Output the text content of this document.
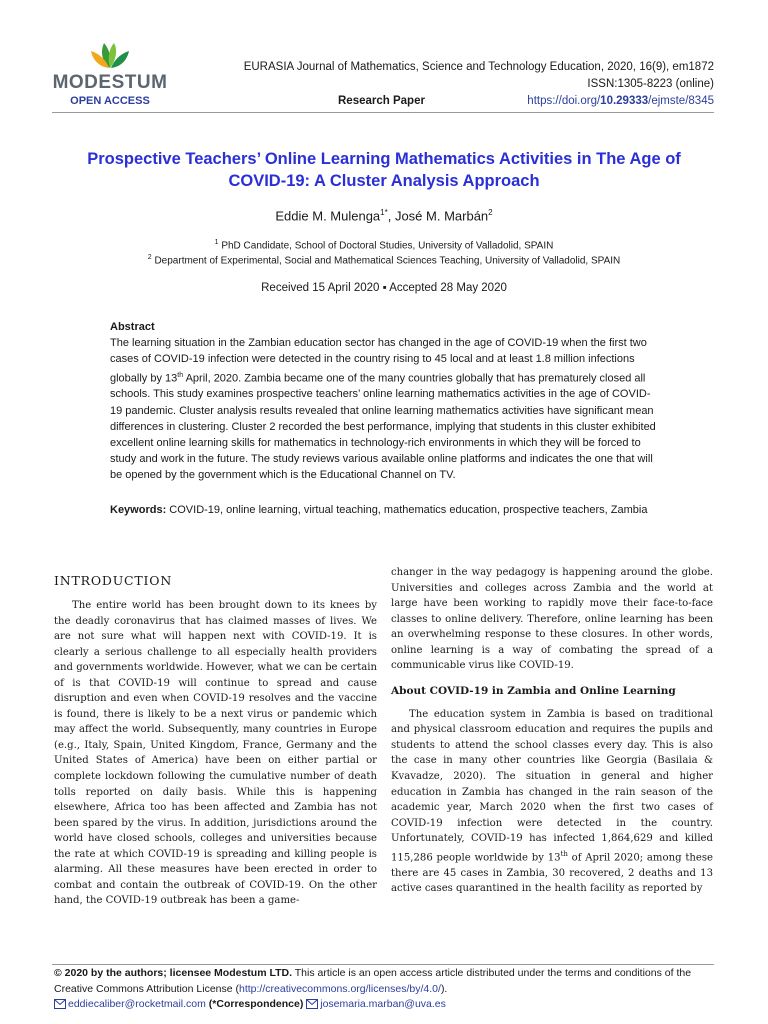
MODESTUM
OPEN ACCESS
EURASIA Journal of Mathematics, Science and Technology Education, 2020, 16(9), em1872
ISSN:1305-8223 (online)
Research Paper	https://doi.org/10.29333/ejmste/8345
Prospective Teachers’ Online Learning Mathematics Activities in The Age of
COVID-19: A Cluster Analysis Approach
Eddie M. Mulenga$^{1*}$, José M. Marbán$^2$
$^1$ PhD Candidate, School of Doctoral Studies, University of Valladolid, SPAIN
$^2$ Department of Experimental, Social and Mathematical Sciences Teaching, University of Valladolid, SPAIN
Received 15 April 2020 ▪ Accepted 28 May 2020
Abstract
The learning situation in the Zambian education sector has changed in the age of COVID-19 when the first two cases of COVID-19 infection were detected in the country rising to 45 local and at least 1.8 million infections globally by 13th April, 2020. Zambia became one of the many countries globally that has prematurely closed all schools. This study examines prospective teachers’ online learning mathematics activities in the age of COVID-19 pandemic. Cluster analysis results revealed that online learning mathematics activities have significant mean differences in clustering. Cluster 2 recorded the best performance, implying that students in this cluster exhibited excellent online learning skills for mathematics in technology-rich environments in which they will be forced to study and work in the future. The study reviews various available online platforms and indicates the one that will be opened by the government which is the Educational Channel on TV.
Keywords: COVID-19, online learning, virtual teaching, mathematics education, prospective teachers, Zambia
INTRODUCTION
The entire world has been brought down to its knees by the deadly coronavirus that has claimed masses of lives. We are not sure what will happen next with COVID-19. It is clearly a serious challenge to all especially health providers and governments worldwide. However, what we can be certain of is that COVID-19 will continue to spread and cause disruption and even when COVID-19 resolves and the vaccine is found, there is likely to be a next virus or pandemic which may affect the world. Subsequently, many countries in Europe (e.g., Italy, Spain, United Kingdom, France, Germany and the United States of America) have been on either partial or complete lockdown following the cumulative number of death tolls reported on daily basis. While this is happening elsewhere, Africa too has been affected and Zambia has not been spared by the virus. In addition, jurisdictions around the world have closed schools, colleges and universities because the rate at which COVID-19 is spreading and killing people is alarming. All these measures have been erected in order to combat and contain the outbreak of COVID-19. On the other hand, the COVID-19 outbreak has been a game-
changer in the way pedagogy is happening around the globe. Universities and colleges across Zambia and the world at large have been working to rapidly move their face-to-face classes to online delivery. Therefore, online learning has been an overwhelming response to these closures. In other words, online learning is a way of combating the spread of a communicable virus like COVID-19.
About COVID-19 in Zambia and Online Learning
The education system in Zambia is based on traditional and physical classroom education and requires the pupils and students to attend the school classes every day. This is also the case in many other countries like Georgia (Basilaia & Kvavadze, 2020). The situation in general and higher education in Zambia has changed in the rain season of the academic year, March 2020 when the first two cases of COVID-19 infection were detected in the country. Unfortunately, COVID-19 has infected 1,864,629 and killed 115,286 people worldwide by 13th of April 2020; among these there are 45 cases in Zambia, 30 recovered, 2 deaths and 13 active cases quarantined in the health facility as reported by
© 2020 by the authors; licensee Modestum LTD. This article is an open access article distributed under the terms and conditions of the Creative Commons Attribution License (http://creativecommons.org/licenses/by/4.0/).
eddiecaliber@rocketmail.com (*Correspondence) josemaria.marban@uva.es
